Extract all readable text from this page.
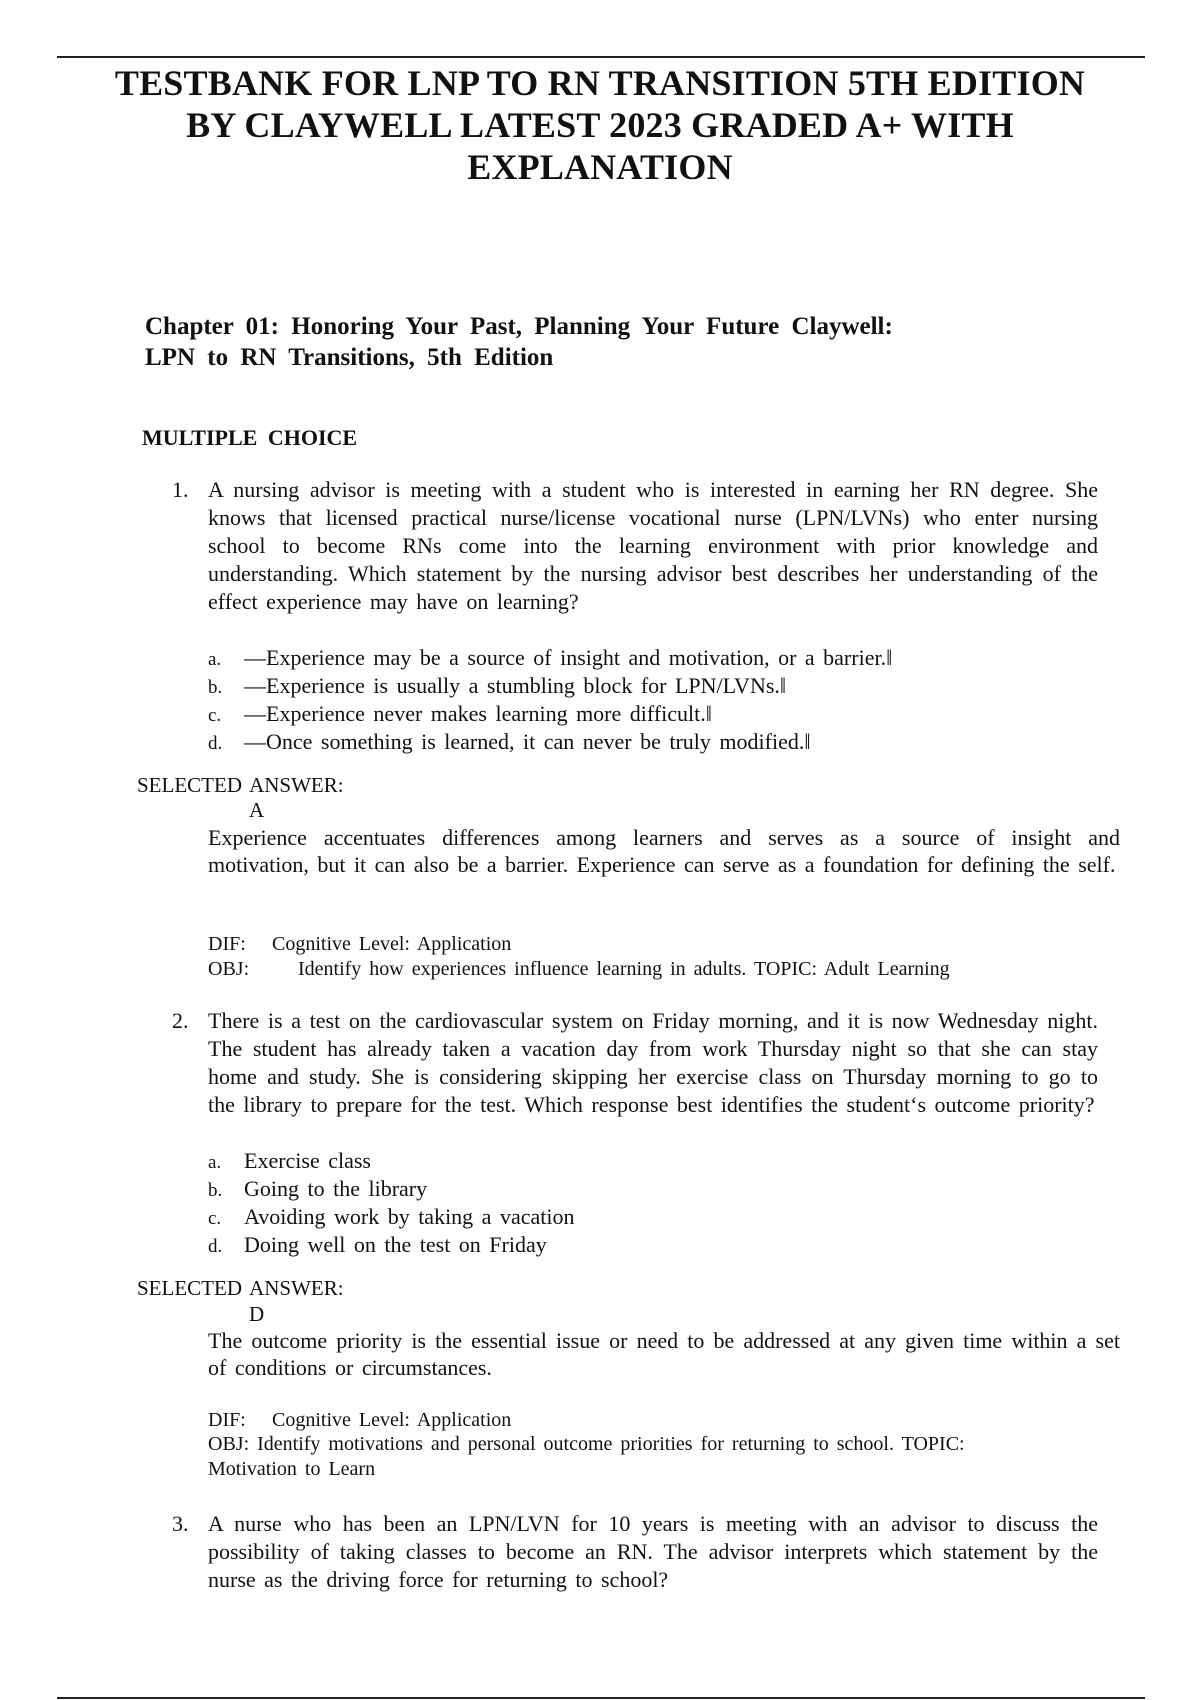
TESTBANK FOR LNP TO RN TRANSITION 5TH EDITION BY CLAYWELL LATEST 2023 GRADED A+ WITH EXPLANATION
Chapter 01: Honoring Your Past, Planning Your Future Claywell: LPN to RN Transitions, 5th Edition
MULTIPLE CHOICE
1. A nursing advisor is meeting with a student who is interested in earning her RN degree. She knows that licensed practical nurse/license vocational nurse (LPN/LVNs) who enter nursing school to become RNs come into the learning environment with prior knowledge and understanding. Which statement by the nursing advisor best describes her understanding of the effect experience may have on learning?

a. —Experience may be a source of insight and motivation, or a barrier.‖
b. —Experience is usually a stumbling block for LPN/LVNs.‖
c. —Experience never makes learning more difficult.‖
d. —Once something is learned, it can never be truly modified.‖
SELECTED ANSWER:
A

Experience accentuates differences among learners and serves as a source of insight and motivation, but it can also be a barrier. Experience can serve as a foundation for defining the self.

DIF: Cognitive Level: Application
OBJ: Identify how experiences influence learning in adults. TOPIC: Adult Learning
2. There is a test on the cardiovascular system on Friday morning, and it is now Wednesday night. The student has already taken a vacation day from work Thursday night so that she can stay home and study. She is considering skipping her exercise class on Thursday morning to go to the library to prepare for the test. Which response best identifies the student‘s outcome priority?

a. Exercise class
b. Going to the library
c. Avoiding work by taking a vacation
d. Doing well on the test on Friday
SELECTED ANSWER:
D

The outcome priority is the essential issue or need to be addressed at any given time within a set of conditions or circumstances.

DIF: Cognitive Level: Application

OBJ: Identify motivations and personal outcome priorities for returning to school. TOPIC: Motivation to Learn

3. A nurse who has been an LPN/LVN for 10 years is meeting with an advisor to discuss the possibility of taking classes to become an RN. The advisor interprets which statement by the nurse as the driving force for returning to school?
